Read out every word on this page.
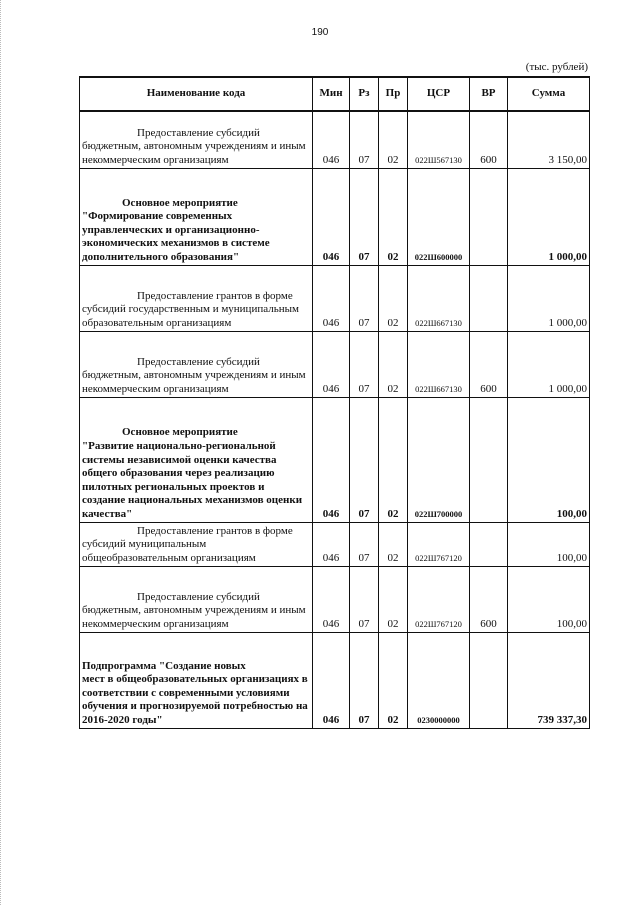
190
(тыс. рублей)
Наименование кода	Мин	Рз	Пр	ЦСР	ВР	Сумма

Предоставление субсидий
бюджетным, автономным учреждениям и иным некоммерческим организациям	046	07	02	022Ш567130	600	3 150,00

Основное мероприятие
"Формирование современных управленческих и организационно-экономических механизмов в системе дополнительного образования"	046	07	02	022Ш600000		1 000,00

Предоставление грантов в форме
субсидий государственным и муниципальным образовательным организациям	046	07	02	022Ш667130		1 000,00

Предоставление субсидий
бюджетным, автономным учреждениям и иным некоммерческим организациям	046	07	02	022Ш667130	600	1 000,00

Основное мероприятие
"Развитие национально-региональной системы независимой оценки качества общего образования через реализацию пилотных региональных проектов и создание национальных механизмов оценки качества"	046	07	02	022Ш700000		100,00

Предоставление грантов в форме
субсидий муниципальным общеобразовательным организациям	046	07	02	022Ш767120		100,00

Предоставление субсидий
бюджетным, автономным учреждениям и иным некоммерческим организациям	046	07	02	022Ш767120	600	100,00

Подпрограмма "Создание новых
мест в общеобразовательных организациях в соответствии с современными условиями обучения и прогнозируемой потребностью на 2016-2020 годы"	046	07	02	0230000000		739 337,30
